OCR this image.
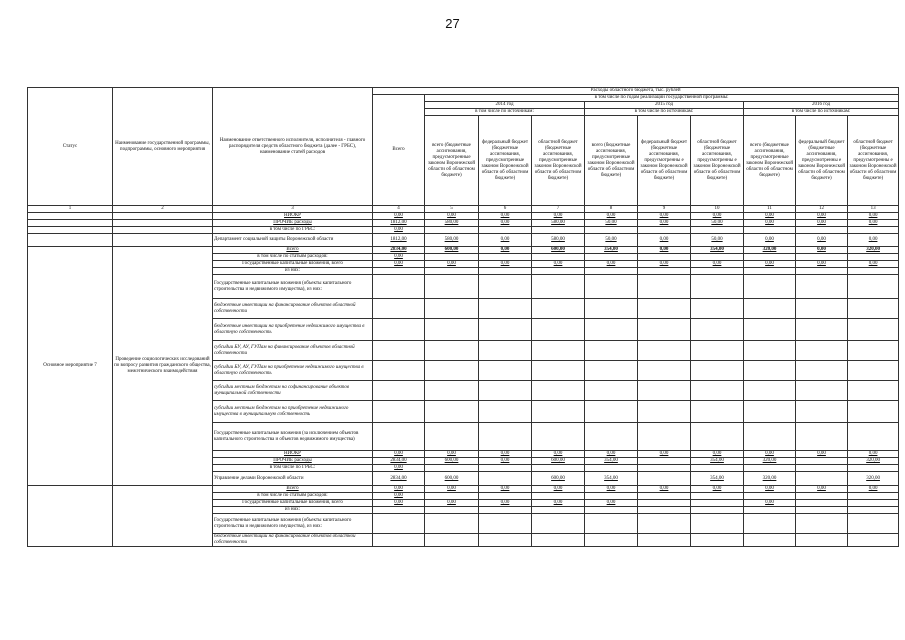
27
Статус	Наименование государственной программы, подпрограммы, основного мероприятия	Наименование ответственного исполнителя, исполнителя - главного распорядителя средств областного бюджета (далее - ГРБС), наименование статей расходов	Расходы областного бюджета, тыс. рублей									
			Всего	в том числе по годам реализации государственной программы:								
				2014 год			2015 год			2016 год		
				в том числе по источникам:			в том числе по источникам:			в том числе по источникам:		
				всего (бюджетные ассигнования, предусмотренные законом Воронежской области об областном бюджете)	федеральный бюджет (бюджетные ассигнования, предусмотренные законом Воронежской области об областном бюджете)	областной бюджет (бюджетные ассигнования, предусмотренные законом Воронежской области об областном бюджете)	всего (бюджетные ассигнования, предусмотренные законом Воронежской области об областном бюджете)	федеральный бюджет (бюджетные ассигнования, предусмотренны е законом Воронежской области об областном бюджете)	областной бюджет (бюджетные ассигнования, предусмотренны е законом Воронежской области об областном бюджете)	всего (бюджетные ассигнования, предусмотренные законом Воронежской области об областном бюджете)	федеральный бюджет (бюджетные ассигнования, предусмотренны е законом Воронежской области об областном бюджете)	областной бюджет (бюджетные ассигнования, предусмотренны е законом Воронежской области об областном бюджете)
1	2	3	4	5	6	7	8	9	10	11	12	13
		НИОКР	0,00	0,00	0,00	0,00	0,00	0,00	0,00	0,00	0,00	0,00
		ПРОЧИЕ расходы	1812,00	580,00	0,00	580,00	50,00	0,00	50,00	0,00	0,00	0,00
		в том числе по ГРБС:	0,00									
		Департамент социальной защиты Воронежской области	1812,00	580,00	0,00	580,00	50,00	0,00	50,00	0,00	0,00	0,00
Основное мероприятие 7	Проведение социологических исследований по вопросу развития гражданского общества, межэтнического взаимодействия	Всего	2834,00	600,00	0,00	600,00	354,00	0,00	354,00	320,00	0,00	320,00
		в том числе по статьям расходов:	0,00									
		Государственные капитальные вложения, всего	0,00	0,00	0,00	0,00	0,00	0,00	0,00	0,00	0,00	0,00
		из них:										
		Государственные капитальные вложения (объекты капитального строительства и недвижимого имущества), из них:										
		бюджетные инвестиции на финансирование объектов областной собственности										
		бюджетные инвестиции на приобретение недвижимого имущества в областную собственность										
		субсидии БУ, АУ, ГУПам на финансирование объектов областной собственности										
		субсидии БУ, АУ, ГУПам на приобретение недвижимого имущества в областную собственность										
		субсидии местным бюджетам на софинансирование объектов муниципальной собственности										
		субсидии местным бюджетам на приобретение недвижимого имущества в муниципальную собственность										
		Государственные капитальные вложения (за исключением объектов капитального строительства и объектов недвижимого имущества)										
		НИОКР	0,00	0,00	0,00	0,00	0,00	0,00	0,00	0,00	0,00	0,00
		ПРОЧИЕ расходы	2834,00	600,00	0,00	600,00	354,00		354,00	320,00		320,00
		в том числе по ГРБС:	0,00									
		Управление делами Воронежской области	2834,00	600,00		600,00	354,00		354,00	320,00		320,00
		Всего	0,00	0,00	0,00	0,00	0,00	0,00	0,00	0,00	0,00	0,00
		в том числе по статьям расходов:	0,00									
		Государственные капитальные вложения, всего	0,00	0,00	0,00	0,00	0,00			0,00		
		из них:										
		Государственные капитальные вложения (объекты капитального строительства и недвижимого имущества), из них:										
		бюджетные инвестиции на финансирование объектов областной собственности										
